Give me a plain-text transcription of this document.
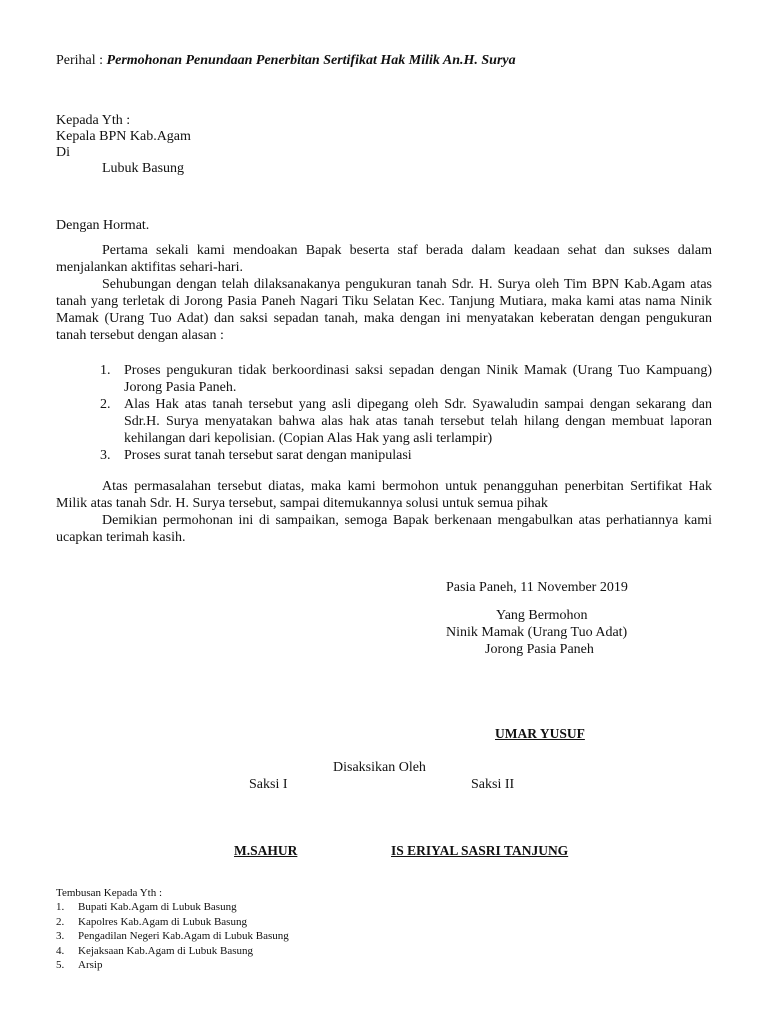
Perihal : Permohonan Penundaan Penerbitan Sertifikat Hak Milik An.H. Surya
Kepada Yth :
Kepala BPN Kab.Agam
Di
Lubuk Basung
Dengan Hormat.
Pertama sekali kami mendoakan Bapak beserta staf berada dalam keadaan sehat dan sukses dalam menjalankan aktifitas sehari-hari.
Sehubungan dengan telah dilaksanakanya pengukuran tanah Sdr. H. Surya oleh Tim BPN Kab.Agam atas tanah yang terletak di Jorong Pasia Paneh Nagari Tiku Selatan Kec. Tanjung Mutiara, maka kami atas nama Ninik Mamak (Urang Tuo Adat) dan saksi sepadan tanah, maka dengan ini menyatakan keberatan dengan pengukuran tanah tersebut dengan alasan :
1. Proses pengukuran tidak berkoordinasi saksi sepadan dengan Ninik Mamak (Urang Tuo Kampuang) Jorong Pasia Paneh.
2. Alas Hak atas tanah tersebut yang asli dipegang oleh Sdr. Syawaludin sampai dengan sekarang dan Sdr.H. Surya menyatakan bahwa alas hak atas tanah tersebut telah hilang dengan membuat laporan kehilangan dari kepolisian. (Copian Alas Hak yang asli terlampir)
3. Proses surat tanah tersebut sarat dengan manipulasi
Atas permasalahan tersebut diatas, maka kami bermohon untuk penangguhan penerbitan Sertifikat Hak Milik atas tanah Sdr. H. Surya tersebut, sampai ditemukannya solusi untuk semua pihak
Demikian permohonan ini di sampaikan, semoga Bapak berkenaan mengabulkan atas perhatiannya kami ucapkan terimah kasih.
Pasia Paneh, 11 November 2019
Yang Bermohon
Ninik Mamak (Urang Tuo Adat)
Jorong Pasia Paneh
UMAR YUSUF
Disaksikan Oleh
Saksi I	Saksi II
M.SAHUR	IS ERIYAL SASRI TANJUNG
Tembusan Kepada Yth :
1. Bupati Kab.Agam di Lubuk Basung
2. Kapolres Kab.Agam di Lubuk Basung
3. Pengadilan Negeri Kab.Agam di Lubuk Basung
4. Kejaksaan Kab.Agam di Lubuk Basung
5. Arsip
